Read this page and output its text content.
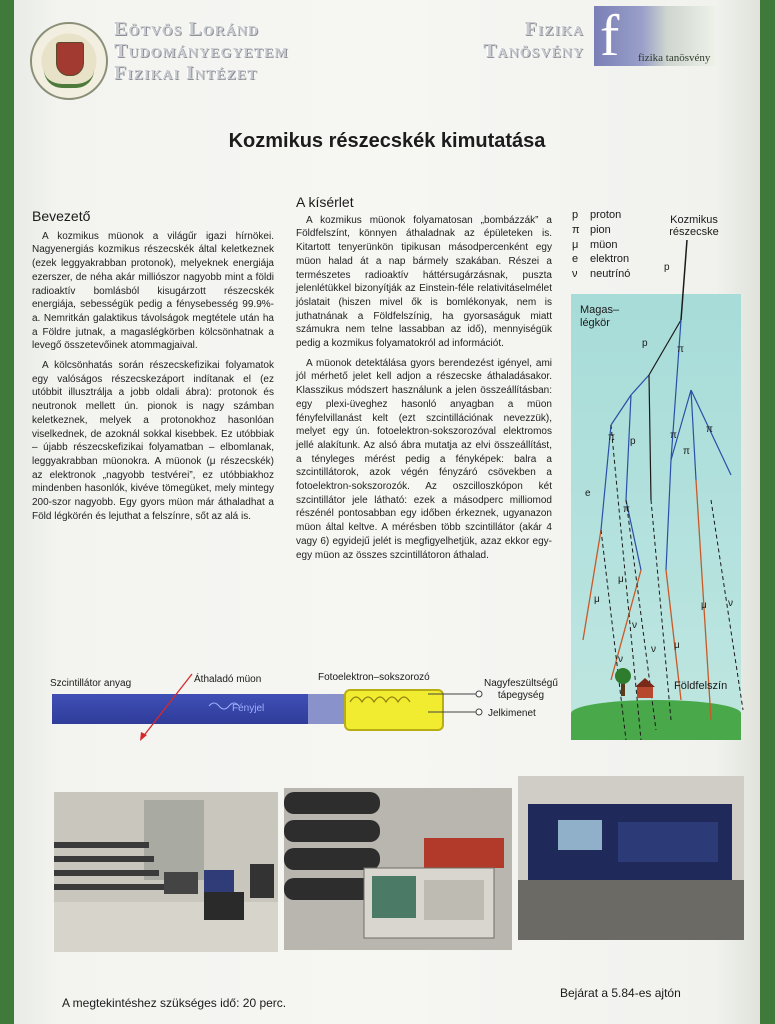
Eötvös Loránd
Tudományegyetem
Fizikai Intézet
Fizika
Tanösvény f fizika tanösvény
Kozmikus részecskék kimutatása
Bevezető

A kozmikus müonok a világűr igazi hírnökei. Nagyenergiás kozmikus részecskék által keletkeznek (ezek leggyakrabban protonok), melyeknek energiája ezerszer, de néha akár milliószor nagyobb mint a földi radioaktív bomlásból kisugárzott részecskék energiája, sebességük pedig a fénysebesség 99.9%-a. Nemritkán galaktikus távolságok megtétele után ha a Földre jutnak, a magaslégkörben kölcsönhatnak a levegő összetevőinek atommagjaival.

A kölcsönhatás során részecskefizikai folyamatok egy valóságos részecskezáport indítanak el (ez utóbbit illusztrálja a jobb oldali ábra): protonok és neutronok mellett ún. pionok is nagy számban keletkeznek, melyek a protonokhoz hasonlóan viselkednek, de azoknál sokkal kisebbek. Ez utóbbiak – újabb részecskefizikai folyamatban – elbomlanak, leggyakrabban müonokra. A müonok (μ részecskék) az elektronok „nagyobb testvérei”, ez utóbbiakhoz mindenben hasonlók, kivéve tömegüket, mely mintegy 200-szor nagyobb. Egy gyors müon már áthaladhat a Föld légkörén és lejuthat a felszínre, sőt az alá is.

A kísérlet

A kozmikus müonok folyamatosan „bombázzák” a Földfelszínt, könnyen áthaladnak az épületeken is. Kitartott tenyerünkön tipikusan másodpercenként egy müon halad át a nap bármely szakában. Részei a természetes radioaktív háttérsugárzásnak, puszta jelenlétükkel bizonyítják az Einstein-féle relativitáselmélet jóslatait (hiszen mivel ők is bomlékonyak, nem is juthatnának a Földfelszínig, ha gyorsaságuk miatt számukra nem telne lassabban az idő), mennyiségük pedig a kozmikus folyamatokról ad információt.

A müonok detektálása gyors berendezést igényel, ami jól mérhető jelet kell adjon a részecske áthaladásakor. Klasszikus módszert használunk a jelen összeállításban: egy plexi-üveghez hasonló anyagban a müon fényfelvillanást kelt (ezt szcintillációnak nevezzük), melyet egy ún. fotoelektron-sokszorozóval elektromos jellé alakítunk. Az alsó ábra mutatja az elvi összeállítást, a tényleges mérést pedig a fényképek: balra a szcintillátorok, azok végén fényzáró csövekben a fotoelektron-sokszorozók. Az oszcilloszkópon két szcintillátor jele látható: ezek a másodperc milliomod részénél pontosabban egy időben érkeznek, ugyanazon müon által keltve. A mérésben több szcintillátor (akár 4 vagy 6) egyidejű jelét is megfigyelhetjük, azaz ekkor egy-egy müon az összes szcintillátoron áthalad.

p proton
π pion
μ müon
e elektron
ν neutrínó
Kozmikus
részecske
Magas–
légkör
Földfelszín
p
p
p
π
π	π
π
π
π
e
μ
μ
μ
μ
ν
ν
ν
ν
Szcintillátor anyag	Áthaladó müon	Fotoelektron–sokszorozó
Nagyfeszültségű
tápegység
Fényjel	Jelkimenet
A megtekintéshez szükséges idő: 20 perc.
Bejárat a 5.84-es ajtón
